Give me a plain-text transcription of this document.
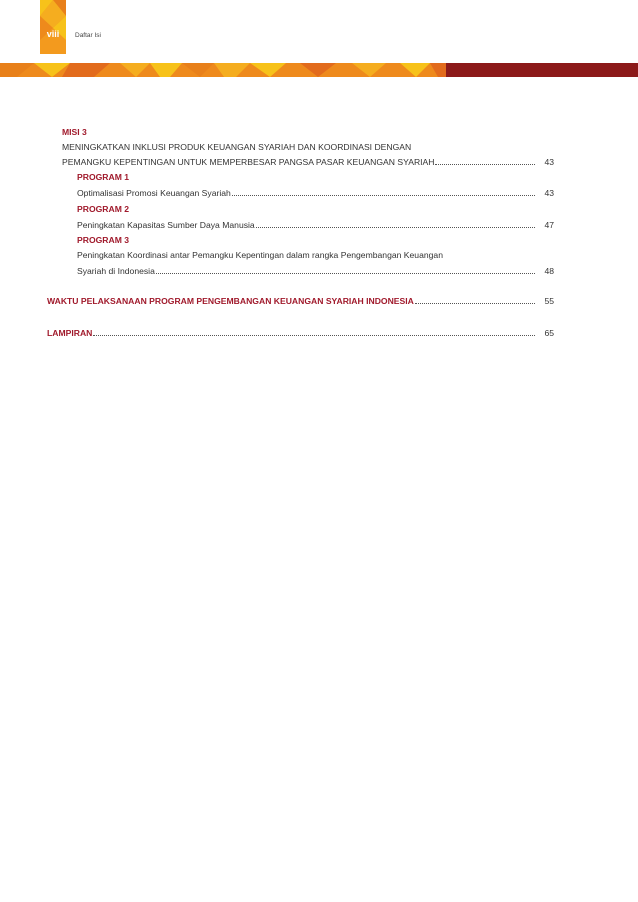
viii	Daftar Isi
MISI 3
MENINGKATKAN INKLUSI PRODUK KEUANGAN SYARIAH DAN KOORDINASI DENGAN
PEMANGKU KEPENTINGAN UNTUK MEMPERBESAR PANGSA PASAR KEUANGAN SYARIAH	43
PROGRAM 1
Optimalisasi Promosi Keuangan Syariah	43
PROGRAM 2
Peningkatan Kapasitas Sumber Daya Manusia	47
PROGRAM 3
Peningkatan Koordinasi antar Pemangku Kepentingan dalam rangka Pengembangan Keuangan
Syariah di Indonesia	48
WAKTU PELAKSANAAN PROGRAM PENGEMBANGAN KEUANGAN SYARIAH INDONESIA	55
LAMPIRAN	65
